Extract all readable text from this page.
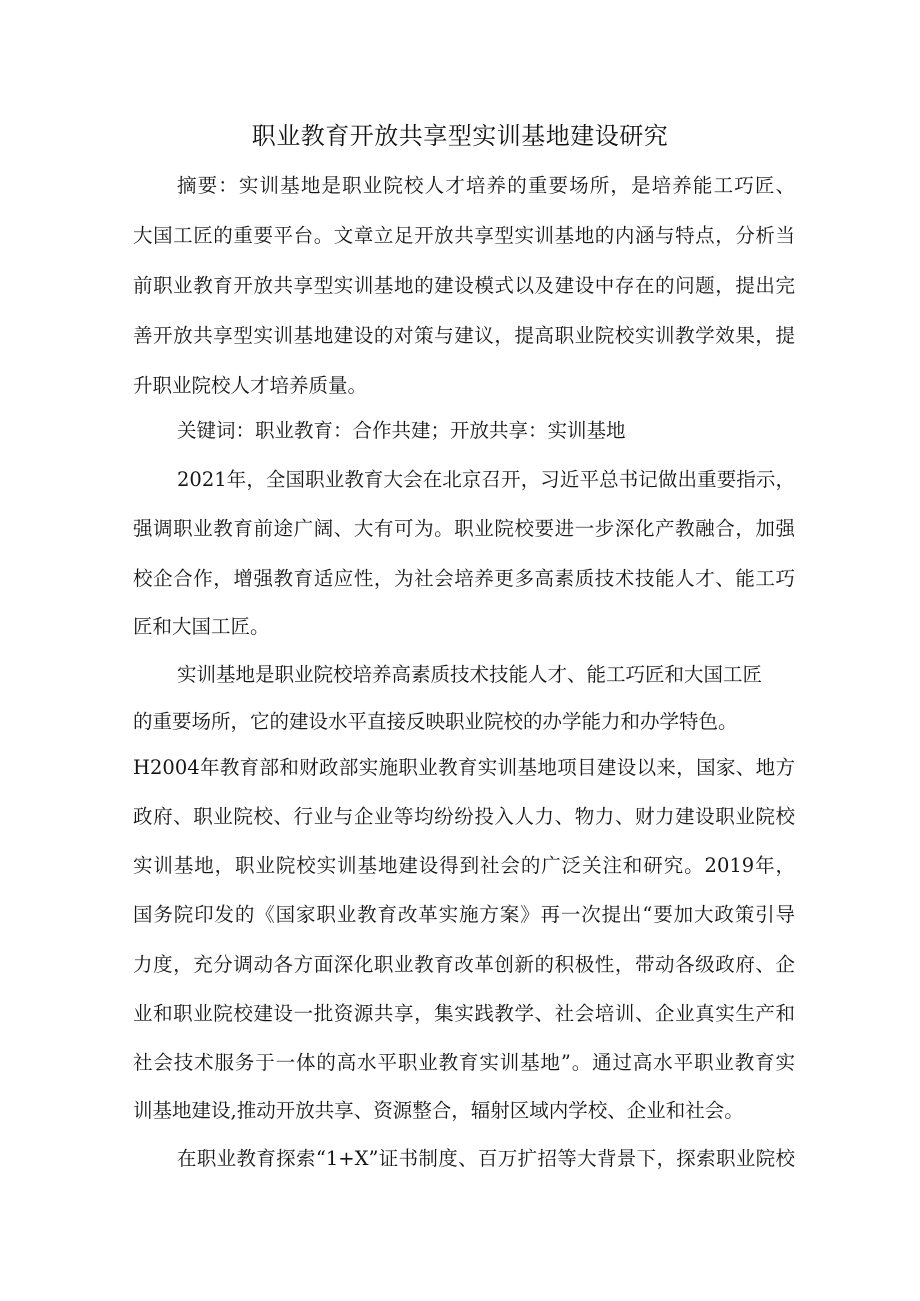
职业教育开放共享型实训基地建设研究

摘要：实训基地是职业院校人才培养的重要场所，是培养能工巧匠、

大国工匠的重要平台。文章立足开放共享型实训基地的内涵与特点，分析当

前职业教育开放共享型实训基地的建设模式以及建设中存在的问题，提出完

善开放共享型实训基地建设的对策与建议，提高职业院校实训教学效果，提

升职业院校人才培养质量。

关键词：职业教育：合作共建；开放共享：实训基地

2021年，全国职业教育大会在北京召开，习近平总书记做出重要指示，

强调职业教育前途广阔、大有可为。职业院校要进一步深化产教融合，加强

校企合作，增强教育适应性，为社会培养更多高素质技术技能人才、能工巧

匠和大国工匠。

实训基地是职业院校培养高素质技术技能人才、能工巧匠和大国工匠

的重要场所，它的建设水平直接反映职业院校的办学能力和办学特色。

H2004年教育部和财政部实施职业教育实训基地项目建设以来，国家、地方

政府、职业院校、行业与企业等均纷纷投入人力、物力、财力建设职业院校

实训基地，职业院校实训基地建设得到社会的广泛关注和研究。2019年，

国务院印发的《国家职业教育改革实施方案》再一次提出“要加大政策引导

力度，充分调动各方面深化职业教育改革创新的积极性，带动各级政府、企

业和职业院校建设一批资源共享，集实践教学、社会培训、企业真实生产和

社会技术服务于一体的高水平职业教育实训基地”。通过高水平职业教育实

训基地建设,推动开放共享、资源整合，辐射区域内学校、企业和社会。

在职业教育探索“1+X”证书制度、百万扩招等大背景下，探索职业院校
